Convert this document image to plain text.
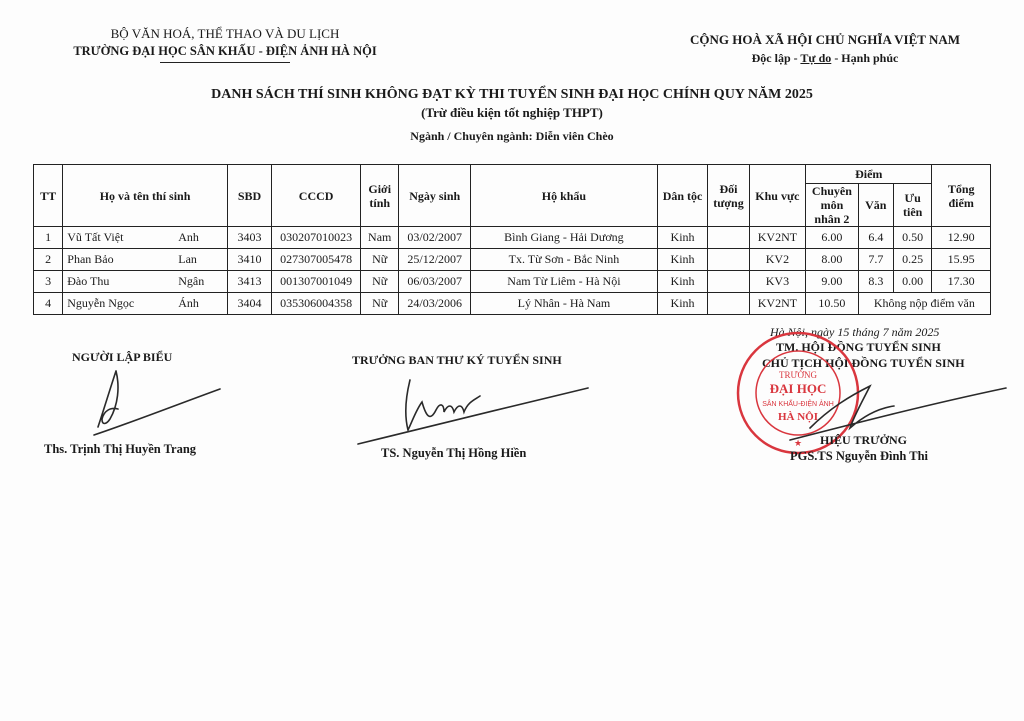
BỘ VĂN HOÁ, THỂ THAO VÀ DU LỊCH
TRƯỜNG ĐẠI HỌC SÂN KHẤU - ĐIỆN ẢNH HÀ NỘI
CỘNG HOÀ XÃ HỘI CHỦ NGHĨA VIỆT NAM
Độc lập - Tự do - Hạnh phúc
DANH SÁCH THÍ SINH KHÔNG ĐẠT KỲ THI TUYỂN SINH ĐẠI HỌC CHÍNH QUY NĂM 2025
(Trừ điều kiện tốt nghiệp THPT)
Ngành / Chuyên ngành: Diễn viên Chèo
TT	Họ và tên thí sinh	SBD	CCCD	Giới tính	Ngày sinh	Hộ khẩu	Dân tộc	Đối tượng	Khu vực	Điểm			Tổng điểm
										Chuyên môn nhân 2	Văn	Ưu tiên	
1	Vũ Tất Việt Anh	3403	030207010023	Nam	03/02/2007	Bình Giang - Hải Dương	Kinh		KV2NT	6.00	6.4	0.50	12.90
2	Phan Bảo Lan	3410	027307005478	Nữ	25/12/2007	Tx. Từ Sơn - Bắc Ninh	Kinh		KV2	8.00	7.7	0.25	15.95
3	Đào Thu Ngân	3413	001307001049	Nữ	06/03/2007	Nam Từ Liêm - Hà Nội	Kinh		KV3	9.00	8.3	0.00	17.30
4	Nguyễn Ngọc Ánh	3404	035306004358	Nữ	24/03/2006	Lý Nhân - Hà Nam	Kinh		KV2NT	10.50	Không nộp điểm văn		
Hà Nội, ngày 15 tháng 7 năm 2025
NGƯỜI LẬP BIỂU
Ths. Trịnh Thị Huyền Trang
TRƯỞNG BAN THƯ KÝ TUYỂN SINH
TS. Nguyễn Thị Hồng Hiền
TM. HỘI ĐỒNG TUYỂN SINH
CHỦ TỊCH HỘI ĐỒNG TUYỂN SINH
TRƯỜNG
ĐẠI HỌC
SÂN KHẤU-ĐIỆN ẢNH
HÀ NỘI
★ HIỆU TRƯỞNG
PGS.TS Nguyễn Đình Thi
